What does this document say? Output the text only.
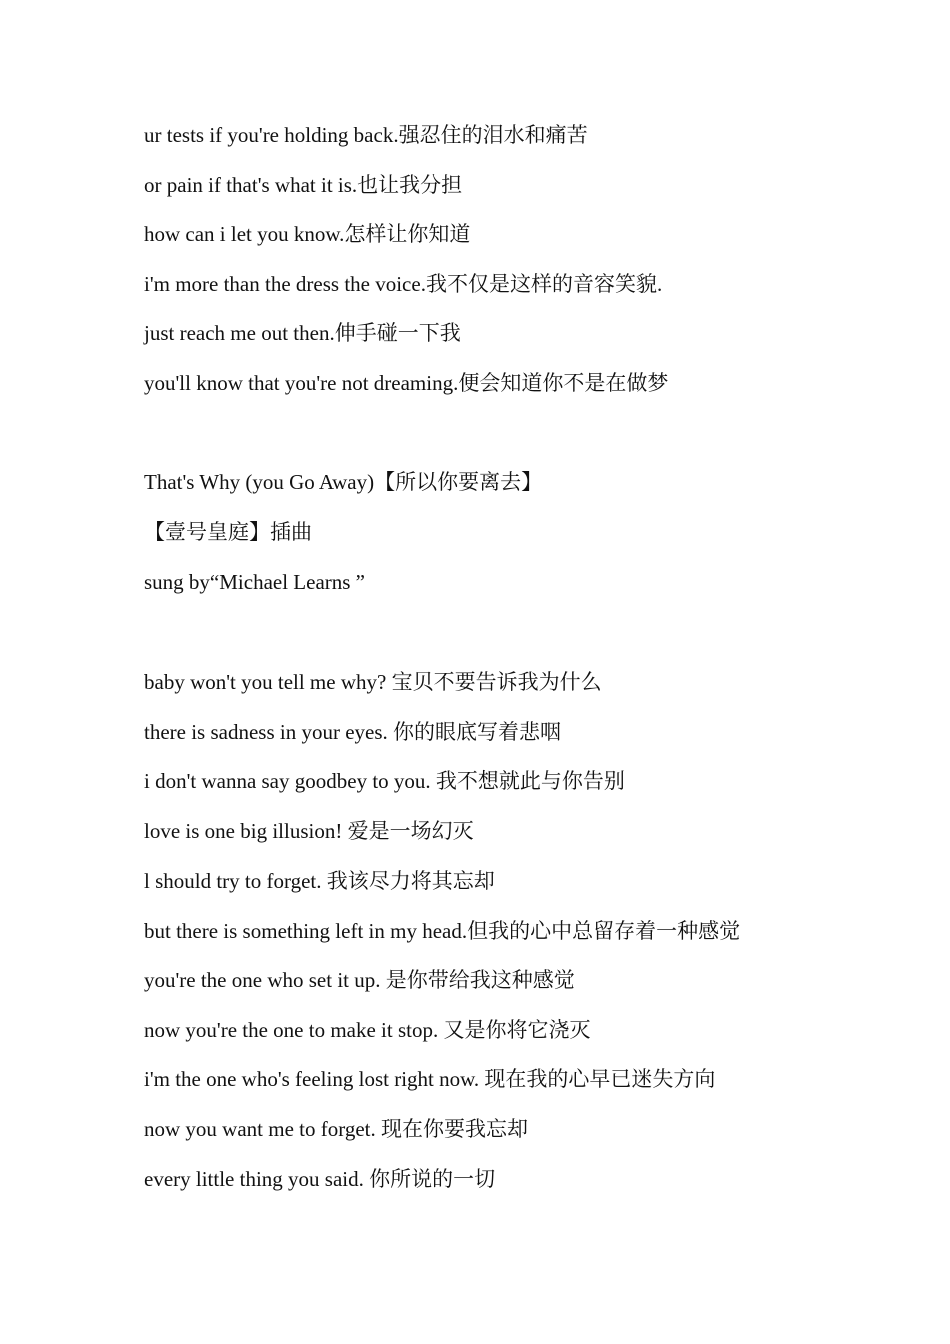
ur tests if you're holding back.强忍住的泪水和痛苦
or pain if that's what it is.也让我分担
how can i let you know.怎样让你知道
i'm more than the dress the voice.我不仅是这样的音容笑貌.
just reach me out then.伸手碰一下我
you'll know that you're not dreaming.便会知道你不是在做梦
That's Why (you Go Away)【所以你要离去】
【壹号皇庭】插曲
sung by“Michael Learns ”
baby won't you tell me why? 宝贝不要告诉我为什么
there is sadness in your eyes. 你的眼底写着悲咽
i don't wanna say goodbey to you. 我不想就此与你告别
love is one big illusion! 爱是一场幻灭
l should try to forget. 我该尽力将其忘却
but there is something left in my head.但我的心中总留存着一种感觉
you're the one who set it up. 是你带给我这种感觉
now you're the one to make it stop. 又是你将它浇灭
i'm the one who's feeling lost right now. 现在我的心早已迷失方向
now you want me to forget. 现在你要我忘却
every little thing you said. 你所说的一切
